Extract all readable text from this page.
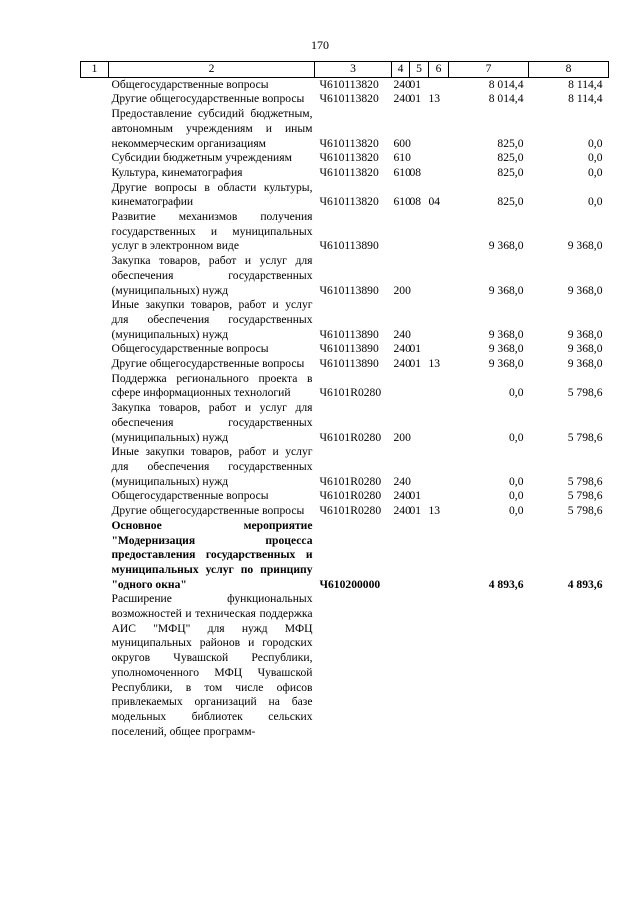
170
1	2	3	4	5	6	7	8
	Общегосударственные вопросы	Ч610113820	240	01		8 014,4	8 114,4
	Другие общегосударственные вопросы	Ч610113820	240	01	13	8 014,4	8 114,4
	Предоставление субсидий бюджетным, автономным учреждениям и иным некоммерческим организациям	Ч610113820	600			825,0	0,0
	Субсидии бюджетным учреждениям	Ч610113820	610			825,0	0,0
	Культура, кинематография	Ч610113820	610	08		825,0	0,0
	Другие вопросы в области культуры, кинематографии	Ч610113820	610	08	04	825,0	0,0
	Развитие механизмов получения государственных и муниципальных услуг в электронном виде	Ч610113890				9 368,0	9 368,0
	Закупка товаров, работ и услуг для обеспечения государственных (муниципальных) нужд	Ч610113890	200			9 368,0	9 368,0
	Иные закупки товаров, работ и услуг для обеспечения государственных (муниципальных) нужд	Ч610113890	240			9 368,0	9 368,0
	Общегосударственные вопросы	Ч610113890	240	01		9 368,0	9 368,0
	Другие общегосударственные вопросы	Ч610113890	240	01	13	9 368,0	9 368,0
	Поддержка регионального проекта в сфере информационных технологий	Ч6101R0280				0,0	5 798,6
	Закупка товаров, работ и услуг для обеспечения государственных (муниципальных) нужд	Ч6101R0280	200			0,0	5 798,6
	Иные закупки товаров, работ и услуг для обеспечения государственных (муниципальных) нужд	Ч6101R0280	240			0,0	5 798,6
	Общегосударственные вопросы	Ч6101R0280	240	01		0,0	5 798,6
	Другие общегосударственные вопросы	Ч6101R0280	240	01	13	0,0	5 798,6
	Основное мероприятие "Модернизация процесса предоставления государственных и муниципальных услуг по принципу "одного окна"	Ч610200000				4 893,6	4 893,6
	Расширение функциональных возможностей и техническая поддержка АИС "МФЦ" для нужд МФЦ муниципальных районов и городских округов Чувашской Республики, уполномоченного МФЦ Чувашской Республики, в том числе офисов привлекаемых организаций на базе модельных библиотек сельских поселений, общее программ-						
